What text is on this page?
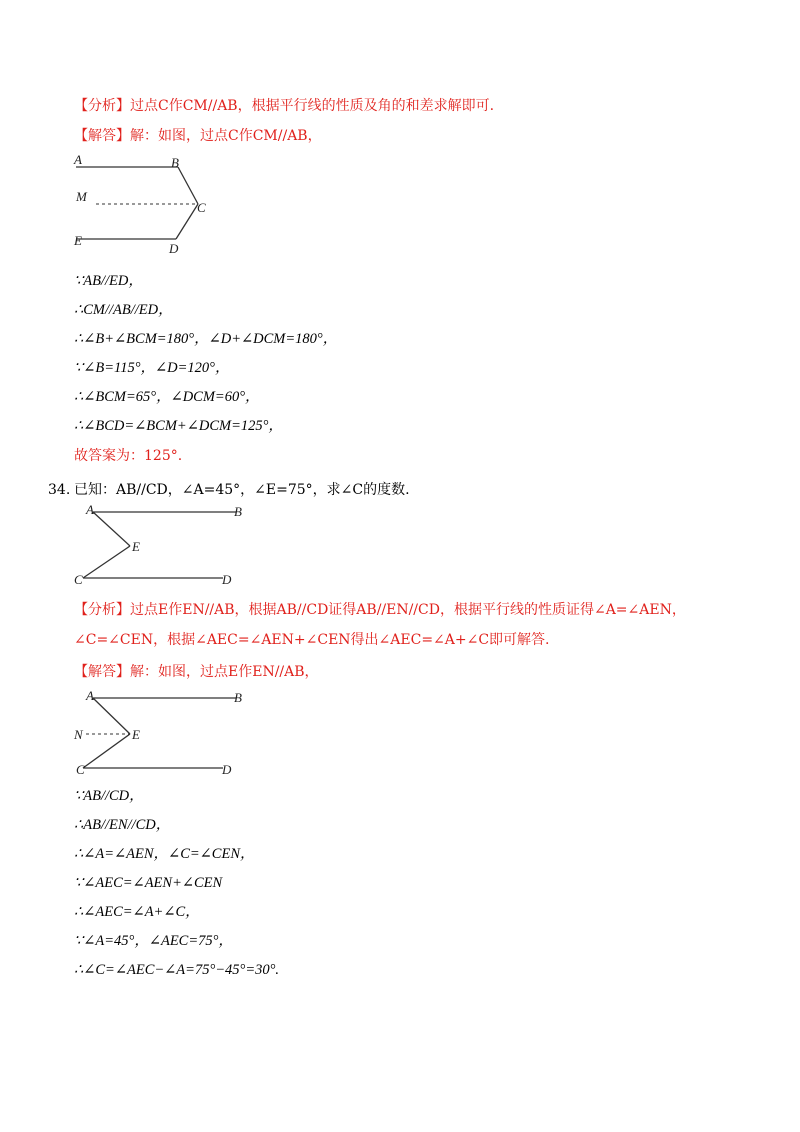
【分析】过点C作CM//AB，根据平行线的性质及角的和差求解即可.
【解答】解：如图，过点C作CM//AB，
A	B
M
C
E
D
∵AB//ED，
∴CM//AB//ED，
∴∠B+∠BCM=180°，∠D+∠DCM=180°，
∵∠B=115°，∠D=120°，
∴∠BCM=65°，∠DCM=60°，
∴∠BCD=∠BCM+∠DCM=125°，
故答案为：125°.
34. 已知：AB//CD，∠A=45°，∠E=75°，求∠C的度数.
A	B
E
C	D
【分析】过点E作EN//AB，根据AB//CD证得AB//EN//CD，根据平行线的性质证得∠A=∠AEN，
∠C=∠CEN，根据∠AEC=∠AEN+∠CEN得出∠AEC=∠A+∠C即可解答.
【解答】解：如图，过点E作EN//AB，
A	B
N	E
C	D
∵AB//CD，
∴AB//EN//CD，
∴∠A=∠AEN，∠C=∠CEN，
∵∠AEC=∠AEN+∠CEN
∴∠AEC=∠A+∠C，
∵∠A=45°，∠AEC=75°，
∴∠C=∠AEC−∠A=75°−45°=30°.
